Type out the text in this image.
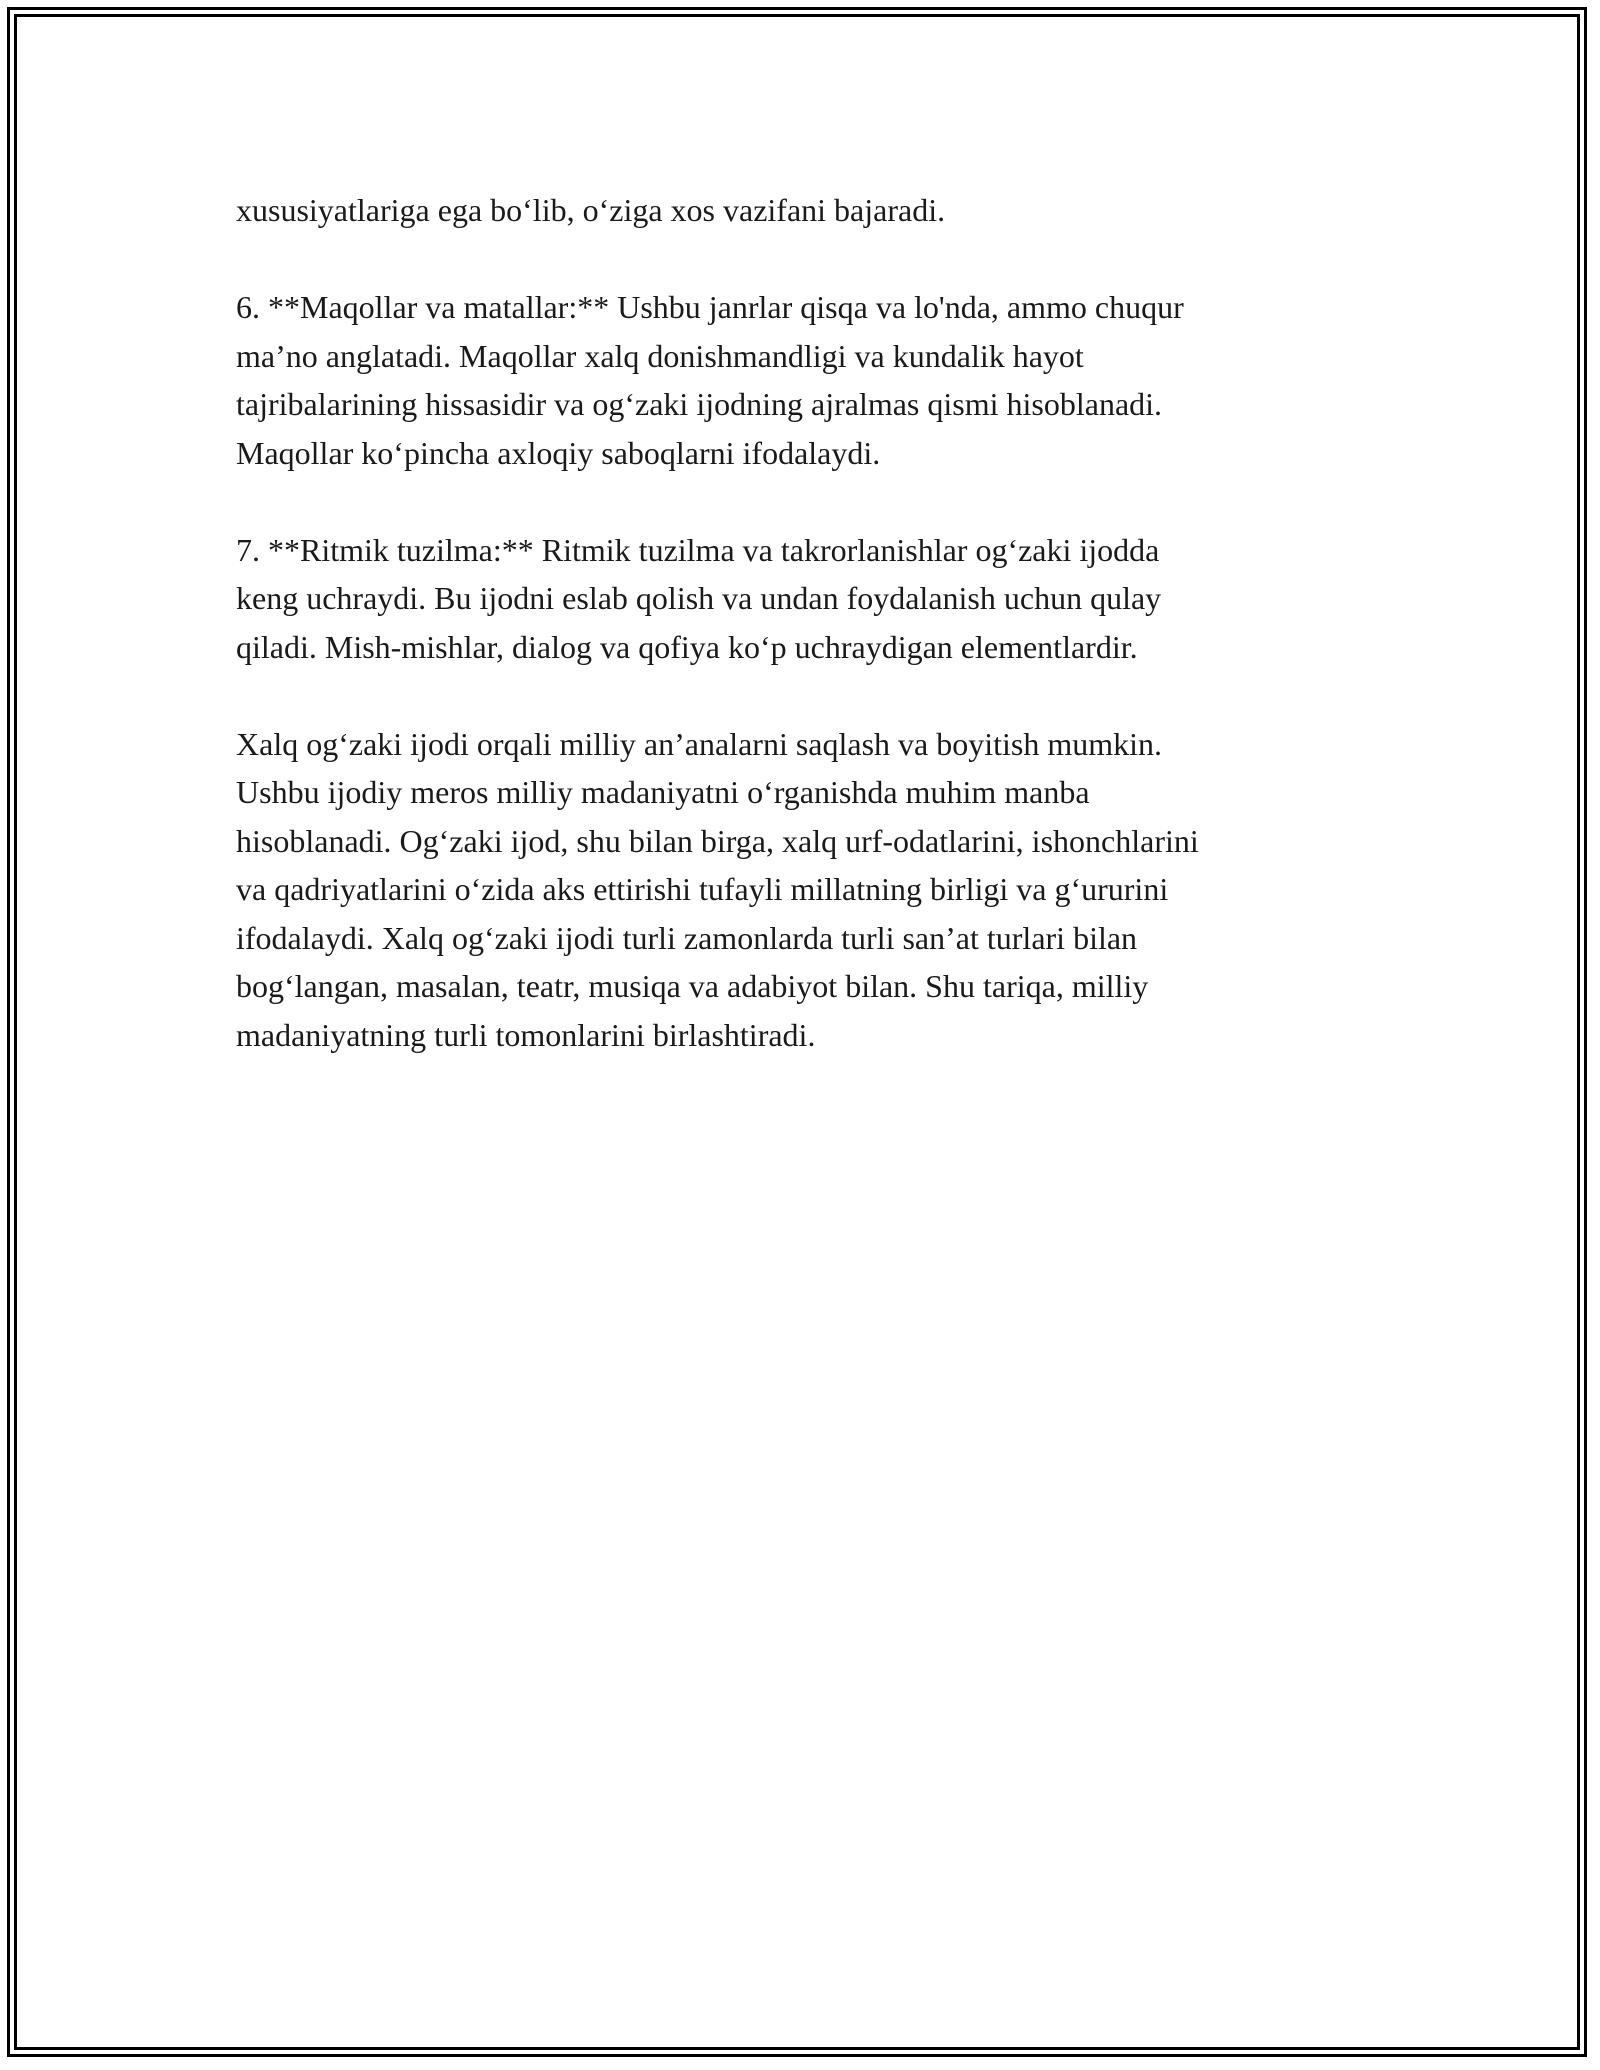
xususiyatlariga ega bo‘lib, o‘ziga xos vazifani bajaradi.

6. **Maqollar va matallar:** Ushbu janrlar qisqa va lo'nda, ammo chuqur
ma’no anglatadi. Maqollar xalq donishmandligi va kundalik hayot
tajribalarining hissasidir va og‘zaki ijodning ajralmas qismi hisoblanadi.
Maqollar ko‘pincha axloqiy saboqlarni ifodalaydi.

7. **Ritmik tuzilma:** Ritmik tuzilma va takrorlanishlar og‘zaki ijodda
keng uchraydi. Bu ijodni eslab qolish va undan foydalanish uchun qulay
qiladi. Mish-mishlar, dialog va qofiya ko‘p uchraydigan elementlardir.

Xalq og‘zaki ijodi orqali milliy an’analarni saqlash va boyitish mumkin.
Ushbu ijodiy meros milliy madaniyatni o‘rganishda muhim manba
hisoblanadi. Og‘zaki ijod, shu bilan birga, xalq urf-odatlarini, ishonchlarini
va qadriyatlarini o‘zida aks ettirishi tufayli millatning birligi va g‘ururini
ifodalaydi. Xalq og‘zaki ijodi turli zamonlarda turli san’at turlari bilan
bog‘langan, masalan, teatr, musiqa va adabiyot bilan. Shu tariqa, milliy
madaniyatning turli tomonlarini birlashtiradi.
